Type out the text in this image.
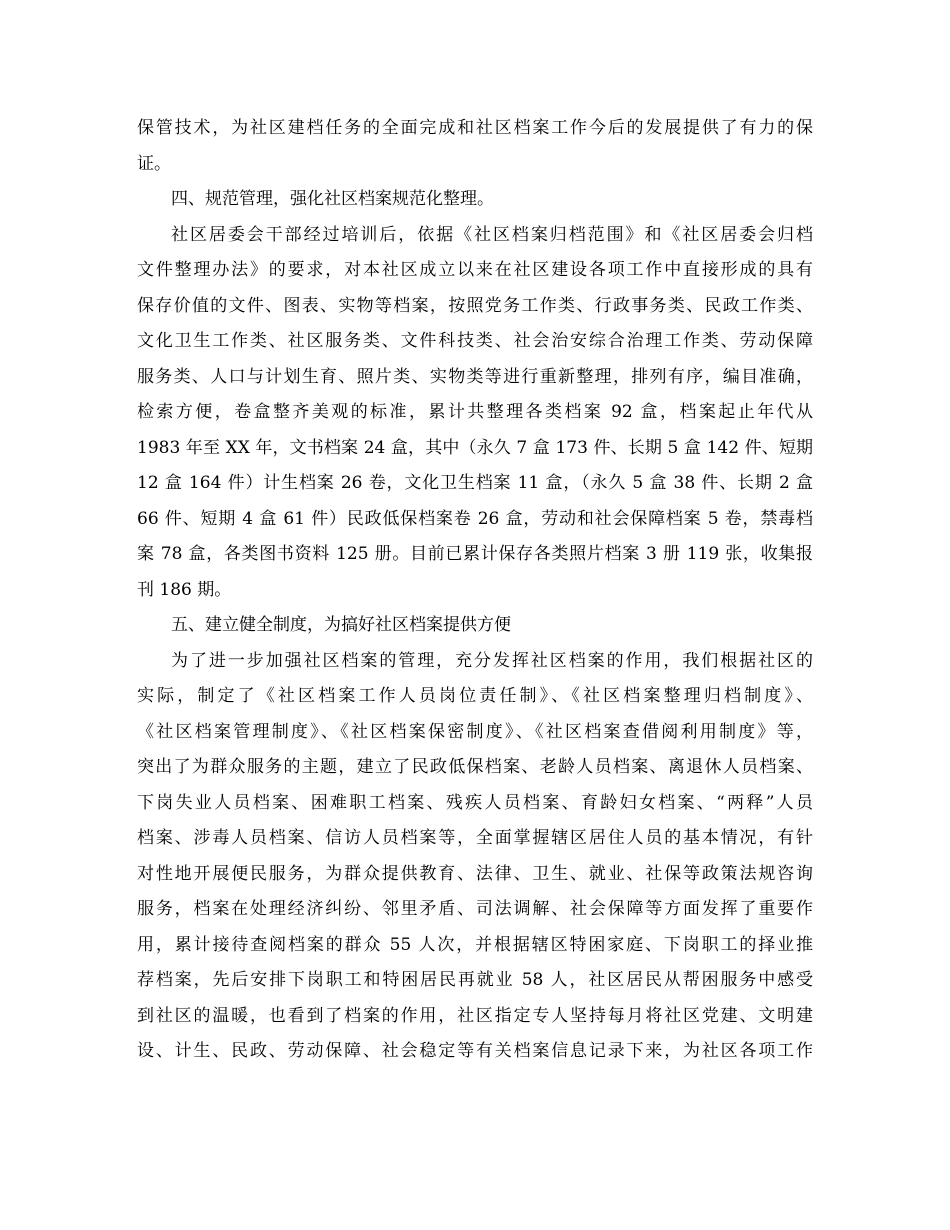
保管技术，为社区建档任务的全面完成和社区档案工作今后的发展提供了有力的保
证。
四、规范管理，强化社区档案规范化整理。
社区居委会干部经过培训后，依据《社区档案归档范围》和《社区居委会归档
文件整理办法》的要求，对本社区成立以来在社区建设各项工作中直接形成的具有
保存价值的文件、图表、实物等档案，按照党务工作类、行政事务类、民政工作类、
文化卫生工作类、社区服务类、文件科技类、社会治安综合治理工作类、劳动保障
服务类、人口与计划生育、照片类、实物类等进行重新整理，排列有序，编目准确，
检索方便，卷盒整齐美观的标准，累计共整理各类档案 92 盒，档案起止年代从
1983 年至 XX 年，文书档案 24 盒，其中（永久 7 盒 173 件、长期 5 盒 142 件、短期
12 盒 164 件）计生档案 26 卷，文化卫生档案 11 盒，（永久 5 盒 38 件、长期 2 盒
66 件、短期 4 盒 61 件）民政低保档案卷 26 盒，劳动和社会保障档案 5 卷，禁毒档
案 78 盒，各类图书资料 125 册。目前已累计保存各类照片档案 3 册 119 张，收集报
刊 186 期。
五、建立健全制度，为搞好社区档案提供方便
为了进一步加强社区档案的管理，充分发挥社区档案的作用，我们根据社区的
实际，制定了《社区档案工作人员岗位责任制》、《社区档案整理归档制度》、
《社区档案管理制度》、《社区档案保密制度》、《社区档案查借阅利用制度》等，
突出了为群众服务的主题，建立了民政低保档案、老龄人员档案、离退休人员档案、
下岗失业人员档案、困难职工档案、残疾人员档案、育龄妇女档案、“两释”人员
档案、涉毒人员档案、信访人员档案等，全面掌握辖区居住人员的基本情况，有针
对性地开展便民服务，为群众提供教育、法律、卫生、就业、社保等政策法规咨询
服务，档案在处理经济纠纷、邻里矛盾、司法调解、社会保障等方面发挥了重要作
用，累计接待查阅档案的群众 55 人次，并根据辖区特困家庭、下岗职工的择业推
荐档案，先后安排下岗职工和特困居民再就业 58 人，社区居民从帮困服务中感受
到社区的温暖，也看到了档案的作用，社区指定专人坚持每月将社区党建、文明建
设、计生、民政、劳动保障、社会稳定等有关档案信息记录下来，为社区各项工作
